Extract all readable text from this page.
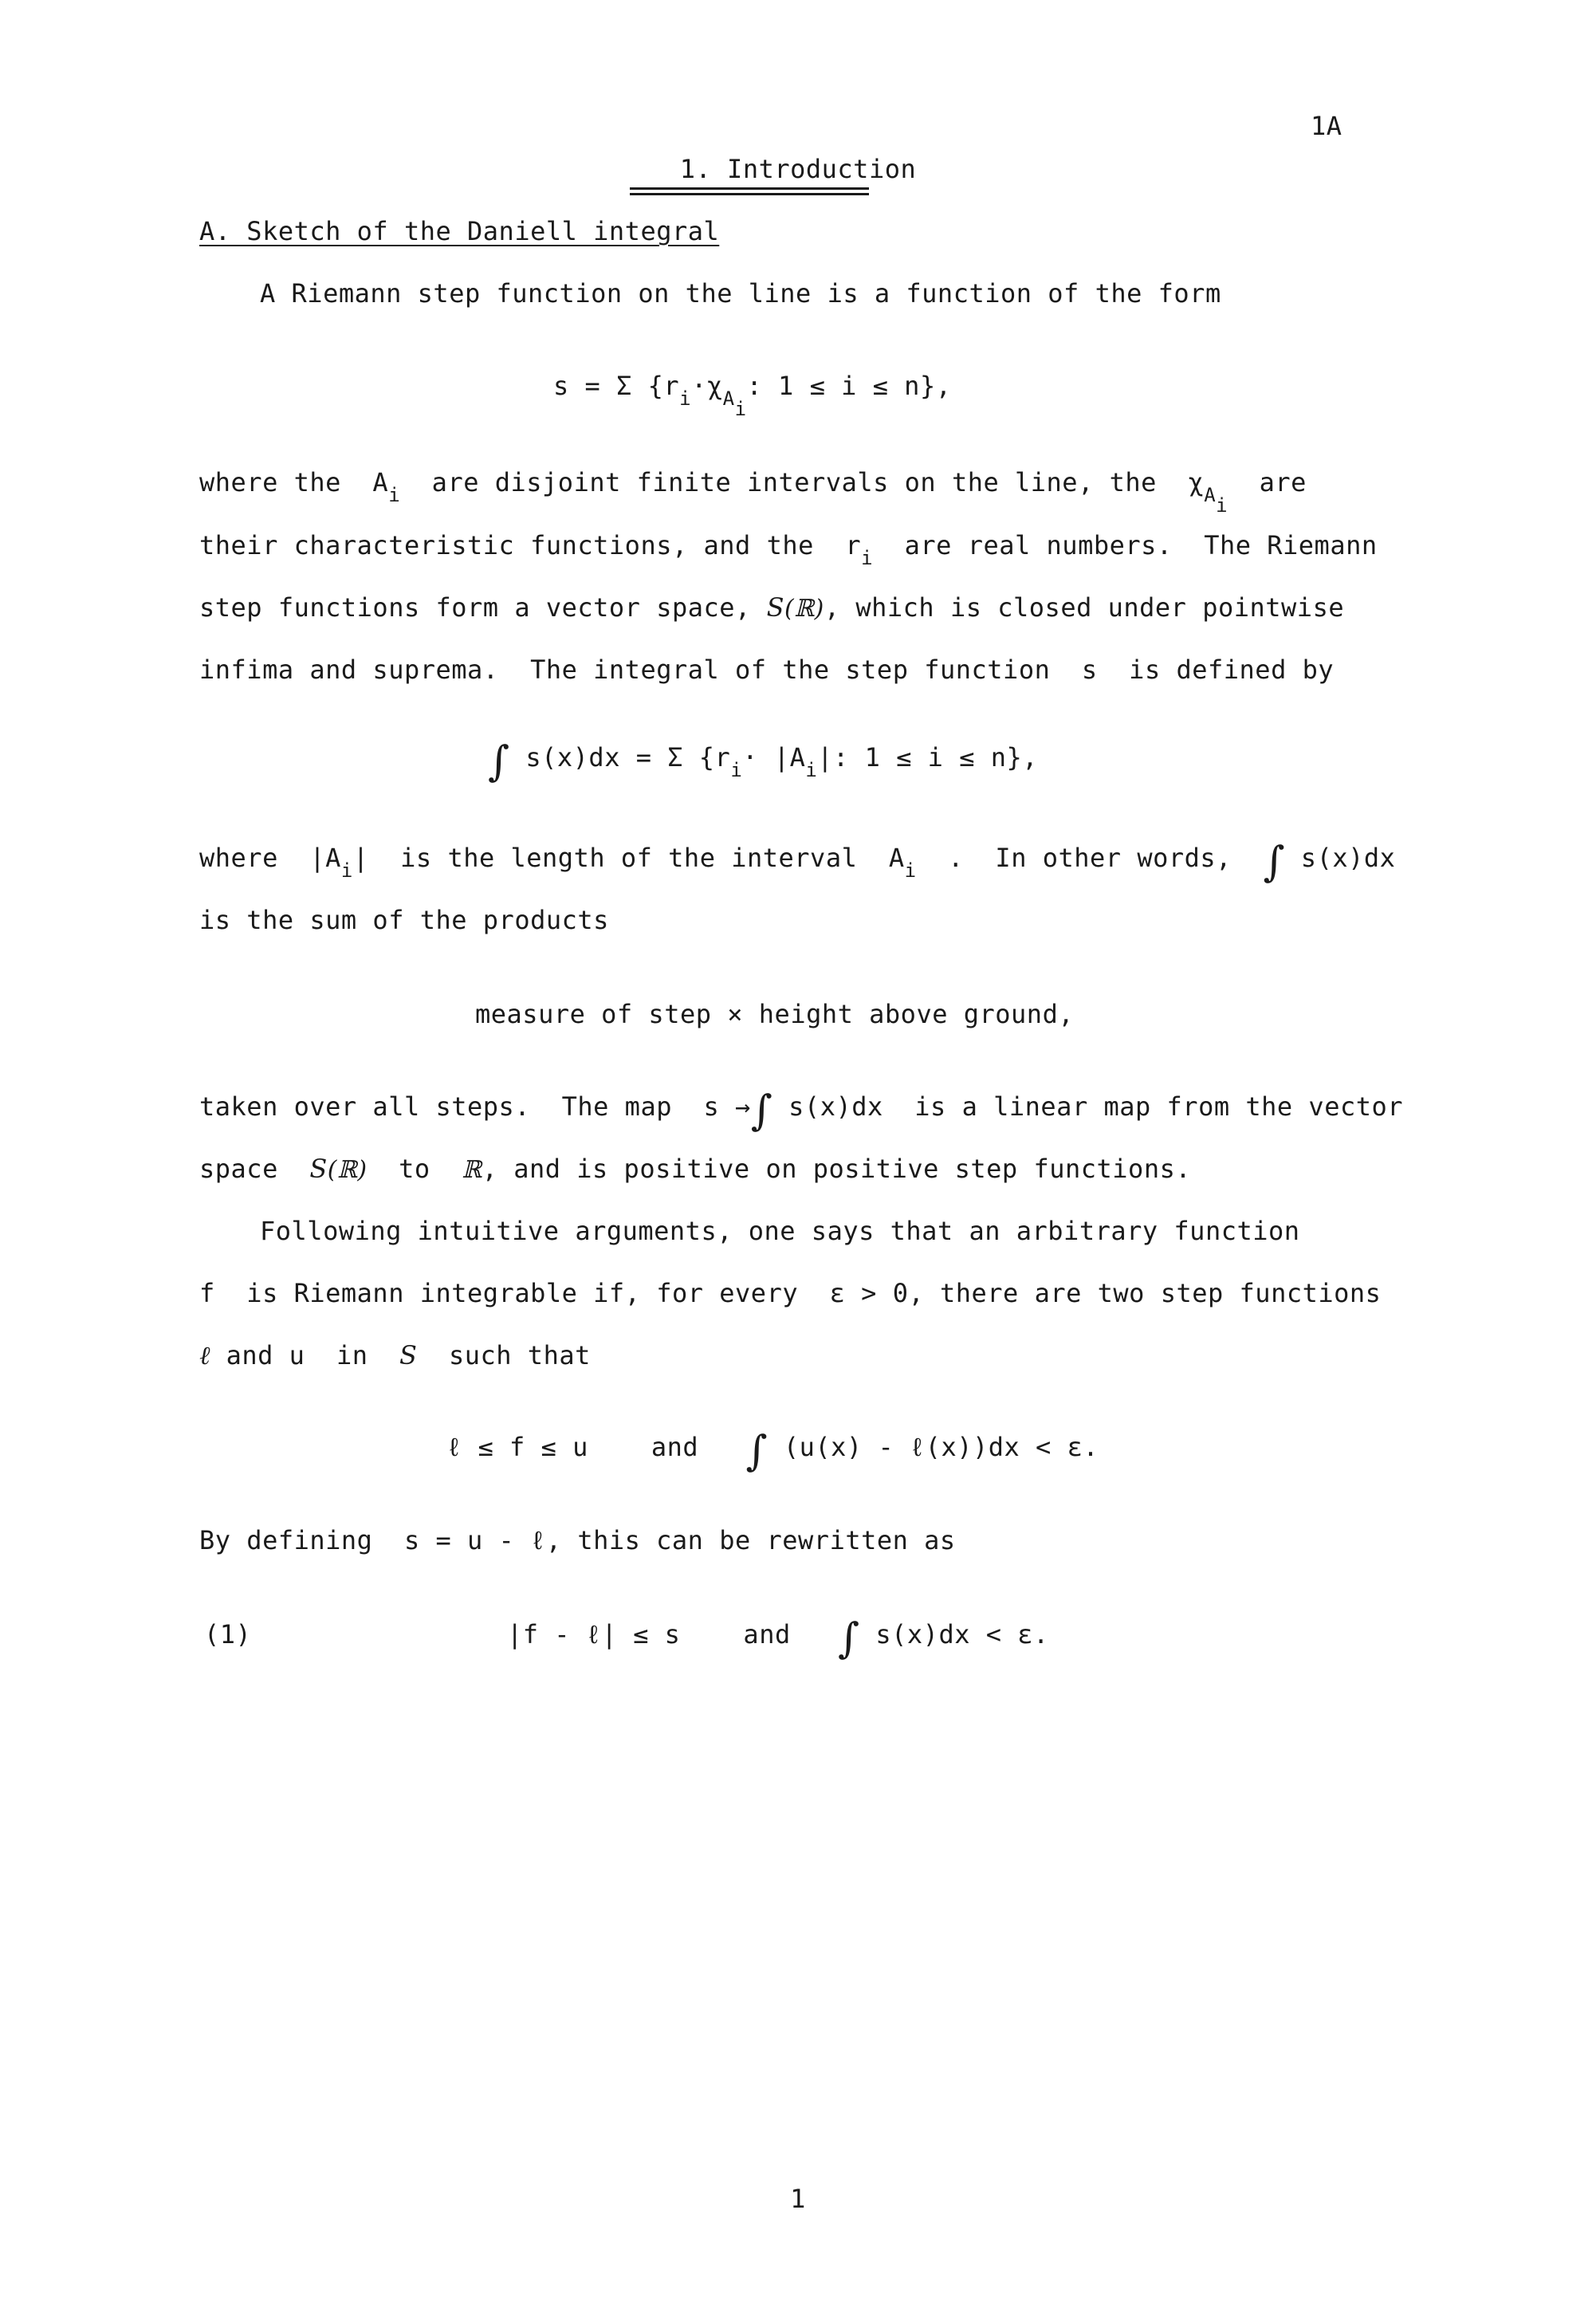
1A
1. Introduction
A. Sketch of the Daniell integral
A Riemann step function on the line is a function of the form
s = Σ {$r_i\cdot\chi_{A_i}$: 1 ≤ i ≤ n},
where the  $A_i$  are disjoint finite intervals on the line, the  $\chi_{A_i}$  are
their characteristic functions, and the  $r_i$  are real numbers.  The Riemann
step functions form a vector space, S(ℝ), which is closed under pointwise
infima and suprema.  The integral of the step function  s  is defined by
∫ s(x)dx = Σ {$r_i\cdot |A_i|$: 1 ≤ i ≤ n},
where  $|A_i|$  is the length of the interval  $A_i$  .  In other words,  ∫ s(x)dx
is the sum of the products
measure of step × height above ground,
taken over all steps.  The map  s →∫ s(x)dx  is a linear map from the vector
space  S(ℝ)  to  ℝ, and is positive on positive step functions.
Following intuitive arguments, one says that an arbitrary function
f  is Riemann integrable if, for every  ε > 0, there are two step functions
ℓ and u  in  S  such that
ℓ ≤ f ≤ u    and   ∫ (u(x) - ℓ(x))dx < ε.
By defining  s = u - ℓ, this can be rewritten as
(1)	|f - ℓ| ≤ s    and   ∫ s(x)dx < ε.
1
